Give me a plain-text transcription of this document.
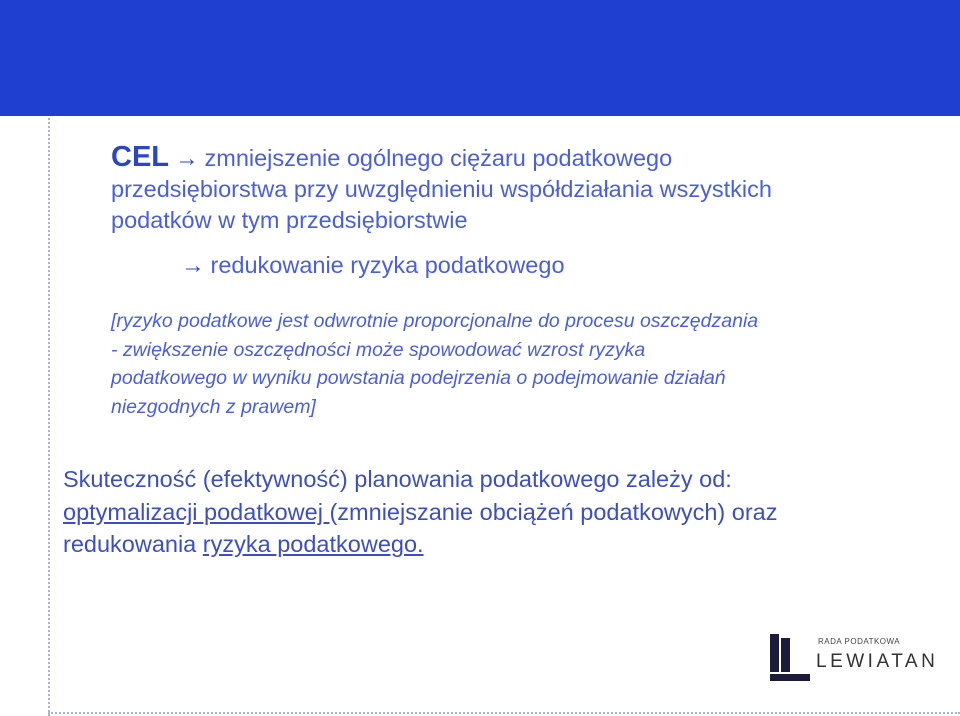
CEL → zmniejszenie ogólnego ciężaru podatkowego
przedsiębiorstwa przy uwzględnieniu współdziałania wszystkich
podatków w tym przedsiębiorstwie
→ redukowanie ryzyka podatkowego
[ryzyko podatkowe jest odwrotnie proporcjonalne do procesu oszczędzania
- zwiększenie oszczędności może spowodować wzrost ryzyka
podatkowego w wyniku powstania podejrzenia o podejmowanie działań
niezgodnych z prawem]
Skuteczność (efektywność) planowania podatkowego zależy od:
optymalizacji podatkowej (zmniejszanie obciążeń podatkowych) oraz
redukowania ryzyka podatkowego.
RADA PODATKOWA
LEWIATAN
